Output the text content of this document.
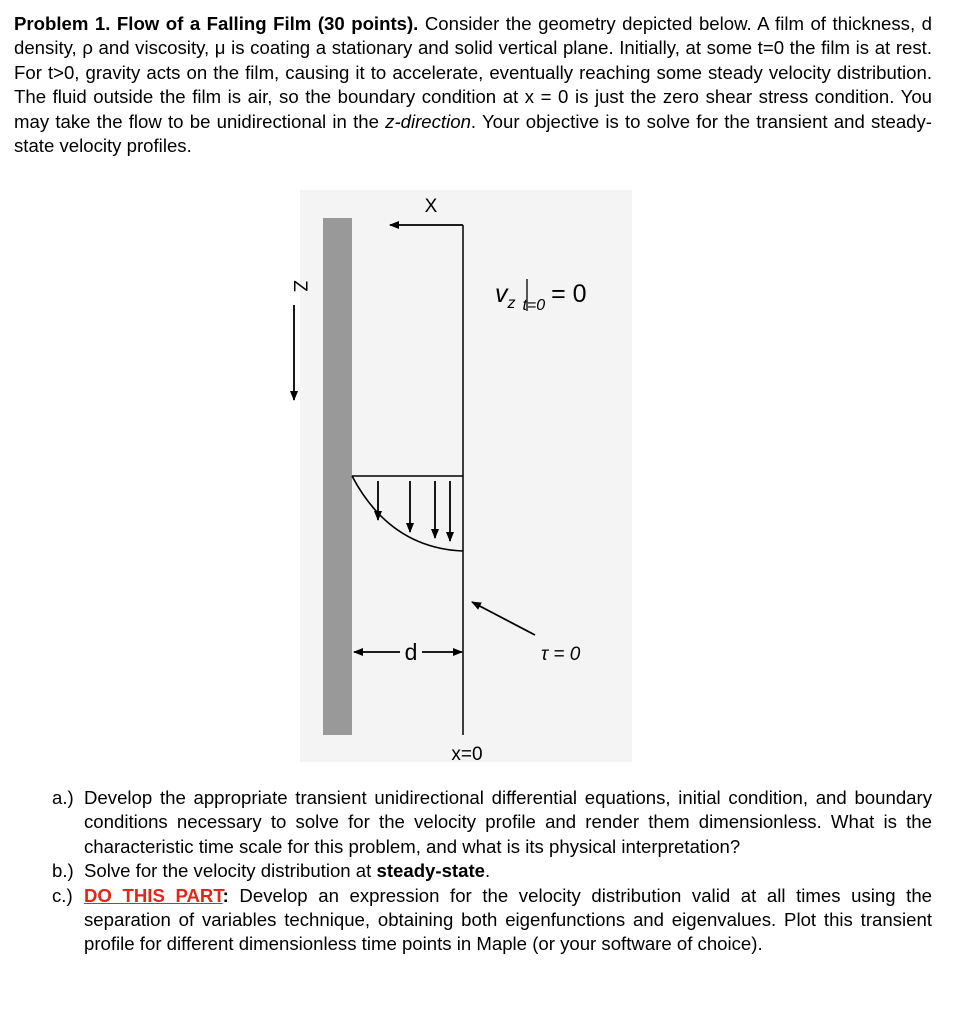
Problem 1. Flow of a Falling Film (30 points). Consider the geometry depicted below. A film of thickness, d density, ρ and viscosity, μ is coating a stationary and solid vertical plane. Initially, at some t=0 the film is at rest. For t>0, gravity acts on the film, causing it to accelerate, eventually reaching some steady velocity distribution. The fluid outside the film is air, so the boundary condition at x = 0 is just the zero shear stress condition. You may take the flow to be unidirectional in the z-direction. Your objective is to solve for the transient and steady-state velocity profiles.
X
Z	$v_z$ $_{t=0}$ = 0
d	τ = 0
x=0
a.) Develop the appropriate transient unidirectional differential equations, initial condition, and boundary conditions necessary to solve for the velocity profile and render them dimensionless. What is the characteristic time scale for this problem, and what is its physical interpretation?
b.) Solve for the velocity distribution at steady-state.
c.) DO THIS PART: Develop an expression for the velocity distribution valid at all times using the separation of variables technique, obtaining both eigenfunctions and eigenvalues. Plot this transient profile for different dimensionless time points in Maple (or your software of choice).
